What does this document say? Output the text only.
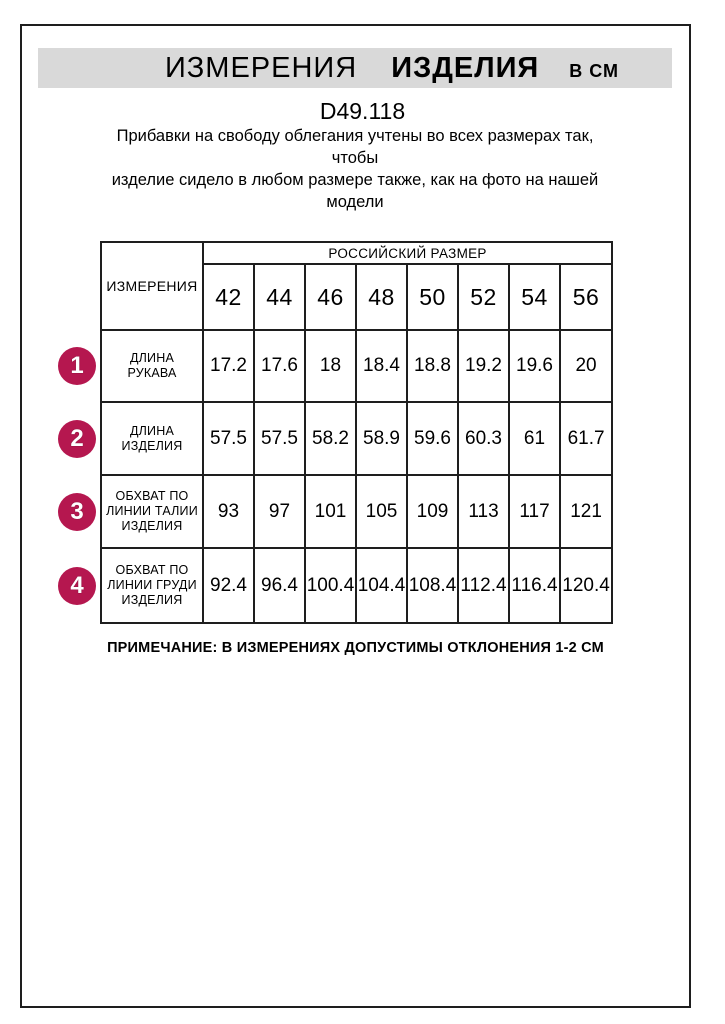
ИЗМЕРЕНИЯ ИЗДЕЛИЯ В СМ
D49.118
Прибавки на свободу облегания учтены во всех размерах так, чтобы
изделие сидело в любом размере также, как на фото на нашей
модели
ИЗМЕРЕНИЯ	РОССИЙСКИЙ РАЗМЕР							
	42	44	46	48	50	52	54	56
ДЛИНА РУКАВА	17.2	17.6	18	18.4	18.8	19.2	19.6	20
ДЛИНА ИЗДЕЛИЯ	57.5	57.5	58.2	58.9	59.6	60.3	61	61.7
ОБХВАТ ПО ЛИНИИ ТАЛИИ ИЗДЕЛИЯ	93	97	101	105	109	113	117	121
ОБХВАТ ПО ЛИНИИ ГРУДИ ИЗДЕЛИЯ	92.4	96.4	100.4	104.4	108.4	112.4	116.4	120.4
1
2
3
4
ПРИМЕЧАНИЕ: В ИЗМЕРЕНИЯХ ДОПУСТИМЫ ОТКЛОНЕНИЯ 1-2 СМ
